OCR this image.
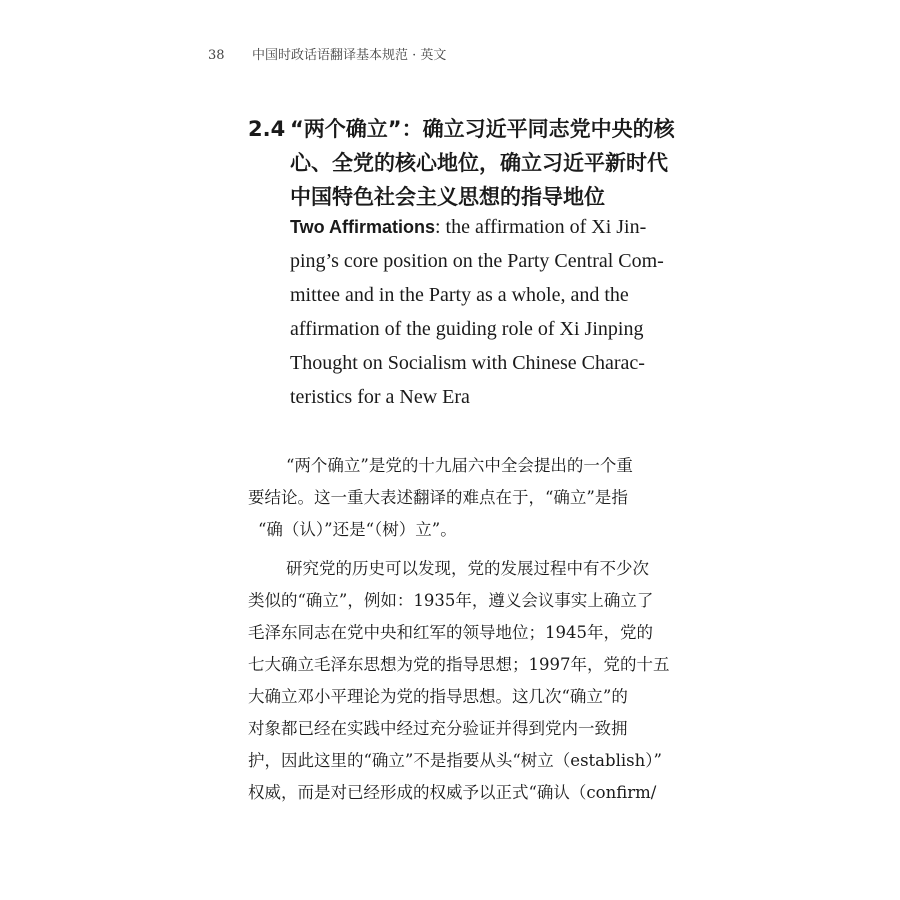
38 中国时政话语翻译基本规范 · 英文
2.4 “两个确立”：确立习近平同志党中央的核
心、全党的核心地位，确立习近平新时代
中国特色社会主义思想的指导地位
Two Affirmations: the affirmation of Xi Jin-
ping’s core position on the Party Central Com-
mittee and in the Party as a whole, and the
affirmation of the guiding role of Xi Jinping
Thought on Socialism with Chinese Charac-
teristics for a New Era
“两个确立”是党的十九届六中全会提出的一个重
要结论。这一重大表述翻译的难点在于，“确立”是指
“确（认）”还是“（树）立”。
研究党的历史可以发现，党的发展过程中有不少次
类似的“确立”，例如：1935年，遵义会议事实上确立了
毛泽东同志在党中央和红军的领导地位；1945年，党的
七大确立毛泽东思想为党的指导思想；1997年，党的十五
大确立邓小平理论为党的指导思想。这几次“确立”的
对象都已经在实践中经过充分验证并得到党内一致拥
护，因此这里的“确立”不是指要从头“树立（establish）”
权威，而是对已经形成的权威予以正式“确认（confirm/
